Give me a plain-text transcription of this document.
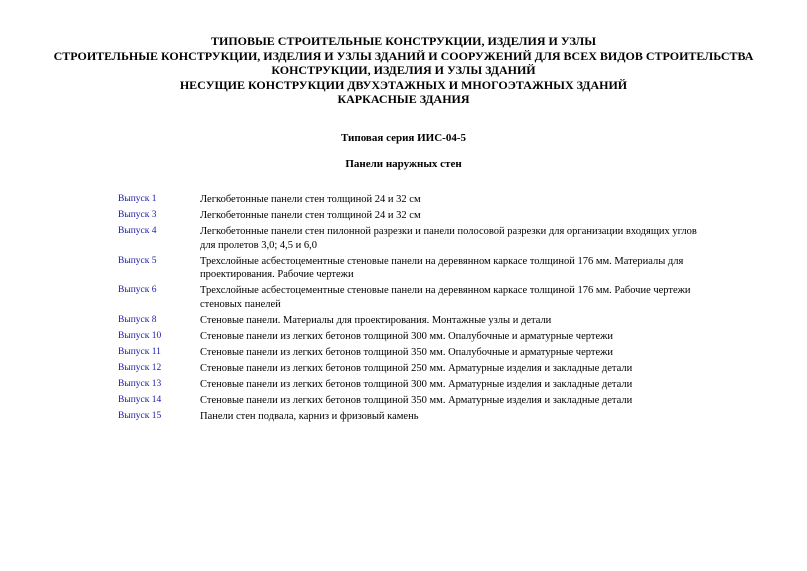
ТИПОВЫЕ СТРОИТЕЛЬНЫЕ КОНСТРУКЦИИ, ИЗДЕЛИЯ И УЗЛЫ
СТРОИТЕЛЬНЫЕ КОНСТРУКЦИИ, ИЗДЕЛИЯ И УЗЛЫ ЗДАНИЙ И СООРУЖЕНИЙ ДЛЯ ВСЕХ ВИДОВ СТРОИТЕЛЬСТВА
КОНСТРУКЦИИ, ИЗДЕЛИЯ И УЗЛЫ ЗДАНИЙ
НЕСУЩИЕ КОНСТРУКЦИИ ДВУХЭТАЖНЫХ И МНОГОЭТАЖНЫХ ЗДАНИЙ
КАРКАСНЫЕ ЗДАНИЯ
Типовая серия ИИС-04-5
Панели наружных стен
Выпуск 1	Легкобетонные панели стен толщиной 24 и 32 см
Выпуск 3	Легкобетонные панели стен толщиной 24 и 32 см
Выпуск 4	Легкобетонные панели стен пилонной разрезки и панели полосовой разрезки для организации входящих углов для пролетов 3,0; 4,5 и 6,0
Выпуск 5	Трехслойные асбестоцементные стеновые панели на деревянном каркасе толщиной 176 мм. Материалы для проектирования. Рабочие чертежи
Выпуск 6	Трехслойные асбестоцементные стеновые панели на деревянном каркасе толщиной 176 мм. Рабочие чертежи стеновых панелей
Выпуск 8	Стеновые панели. Материалы для проектирования. Монтажные узлы и детали
Выпуск 10	Стеновые панели из легких бетонов толщиной 300 мм. Опалубочные и арматурные чертежи
Выпуск 11	Стеновые панели из легких бетонов толщиной 350 мм. Опалубочные и арматурные чертежи
Выпуск 12	Стеновые панели из легких бетонов толщиной 250 мм. Арматурные изделия и закладные детали
Выпуск 13	Стеновые панели из легких бетонов толщиной 300 мм. Арматурные изделия и закладные детали
Выпуск 14	Стеновые панели из легких бетонов толщиной 350 мм. Арматурные изделия и закладные детали
Выпуск 15	Панели стен подвала, карниз и фризовый камень
